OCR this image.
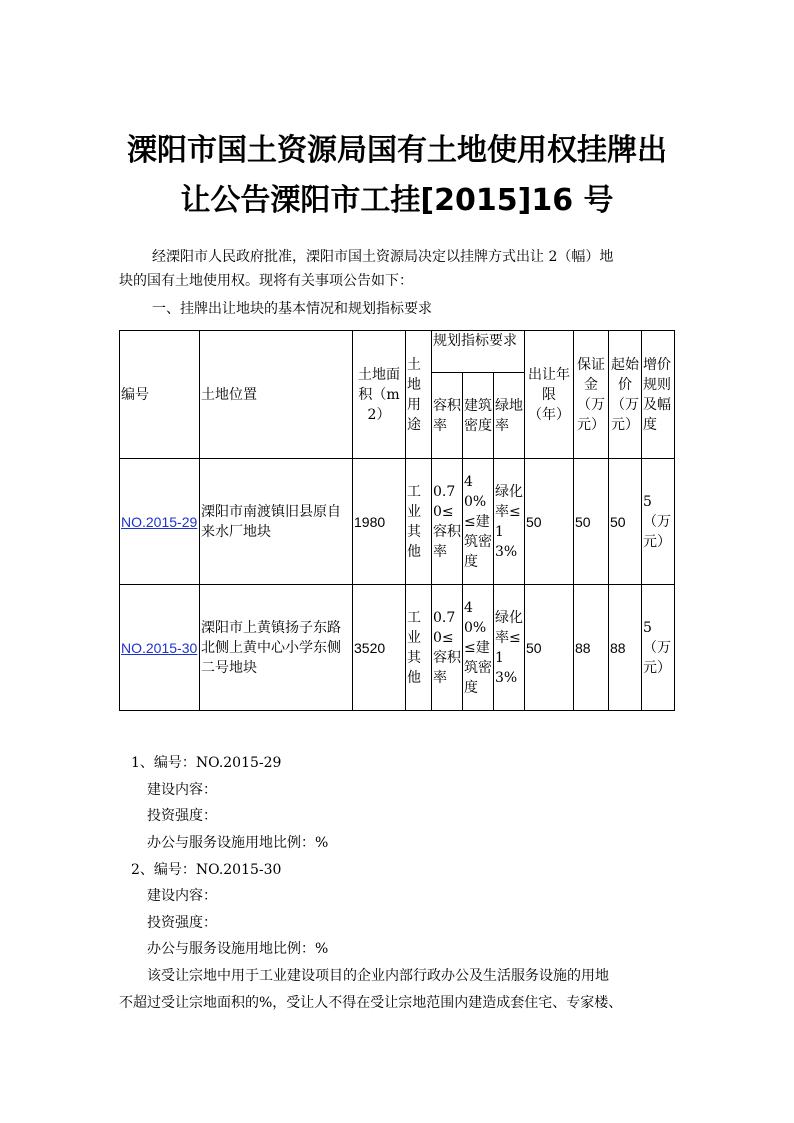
溧阳市国土资源局国有土地使用权挂牌出
让公告溧阳市工挂[2015]16 号
经溧阳市人民政府批准，溧阳市国土资源局决定以挂牌方式出让 2（幅）地
块的国有土地使用权。现将有关事项公告如下：
一、挂牌出让地块的基本情况和规划指标要求
编号	土地位置	土地面积（m2）	土地用途	规划指标要求			出让年限（年）	保证金（万元）	起始价（万元）	增价规则及幅度
				容积率	建筑密度	绿地率				
NO.2015-29	溧阳市南渡镇旧县原自来水厂地块	1980	工业其他	0.70≤容积率	40%≤建筑密度	绿化率≤13%	50	50	50	5（万元）
NO.2015-30	溧阳市上黄镇扬子东路北侧上黄中心小学东侧二号地块	3520	工业其他	0.70≤容积率	40%≤建筑密度	绿化率≤13%	50	88	88	5（万元）
1、编号：NO.2015-29
建设内容：
投资强度：
办公与服务设施用地比例：%
2、编号：NO.2015-30
建设内容：
投资强度：
办公与服务设施用地比例：%
该受让宗地中用于工业建设项目的企业内部行政办公及生活服务设施的用地
不超过受让宗地面积的%，受让人不得在受让宗地范围内建造成套住宅、专家楼、
